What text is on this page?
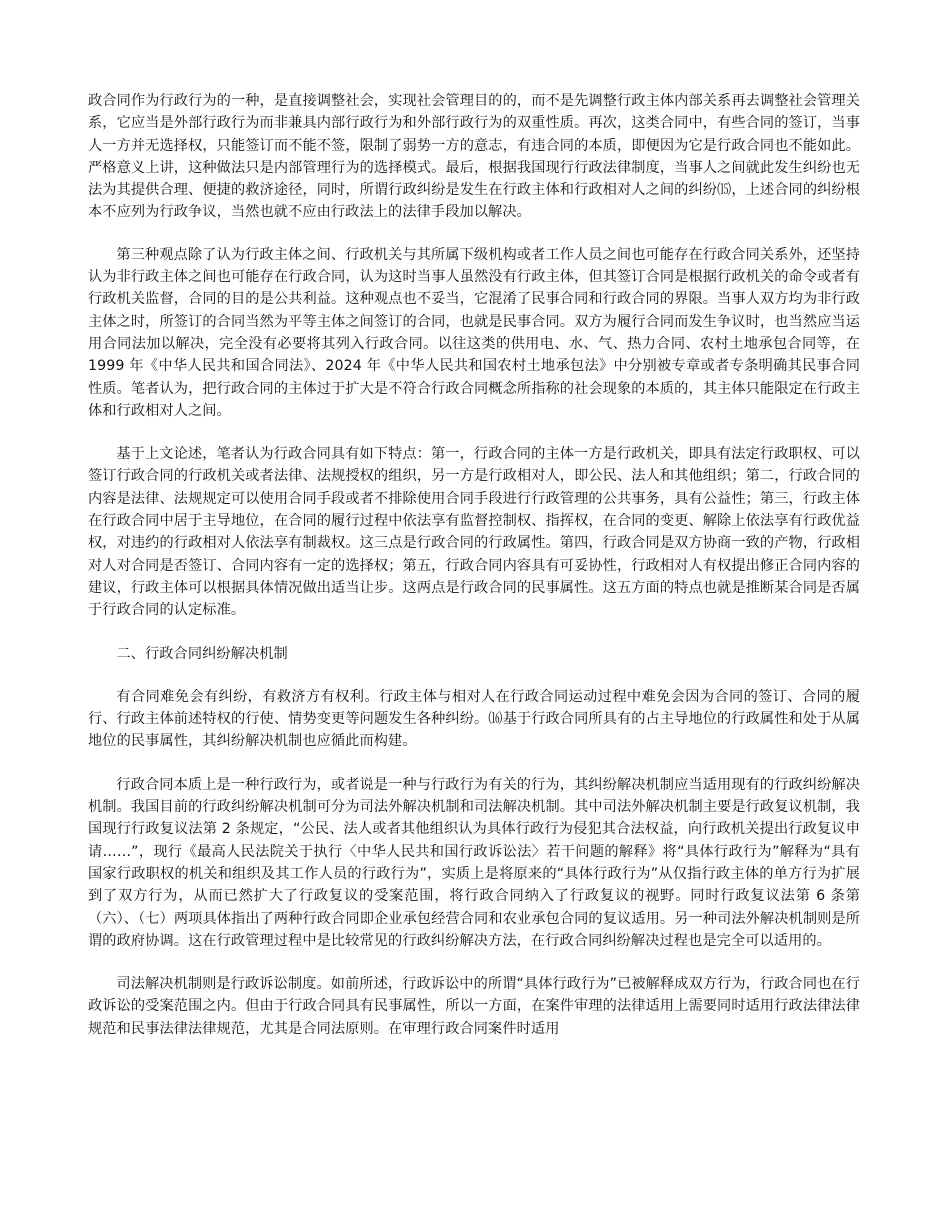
政合同作为行政行为的一种，是直接调整社会，实现社会管理目的的，而不是先调整行政主体内部关系再去调整社会管理关系，它应当是外部行政行为而非兼具内部行政行为和外部行政行为的双重性质。再次，这类合同中，有些合同的签订，当事人一方并无选择权，只能签订而不能不签，限制了弱势一方的意志，有违合同的本质，即便因为它是行政合同也不能如此。严格意义上讲，这种做法只是内部管理行为的选择模式。最后，根据我国现行行政法律制度，当事人之间就此发生纠纷也无法为其提供合理、便捷的救济途径，同时，所谓行政纠纷是发生在行政主体和行政相对人之间的纠纷⒂，上述合同的纠纷根本不应列为行政争议，当然也就不应由行政法上的法律手段加以解决。

第三种观点除了认为行政主体之间、行政机关与其所属下级机构或者工作人员之间也可能存在行政合同关系外，还坚持认为非行政主体之间也可能存在行政合同，认为这时当事人虽然没有行政主体，但其签订合同是根据行政机关的命令或者有行政机关监督，合同的目的是公共利益。这种观点也不妥当，它混淆了民事合同和行政合同的界限。当事人双方均为非行政主体之时，所签订的合同当然为平等主体之间签订的合同，也就是民事合同。双方为履行合同而发生争议时，也当然应当运用合同法加以解决，完全没有必要将其列入行政合同。以往这类的供用电、水、气、热力合同、农村土地承包合同等，在 1999 年《中华人民共和国合同法》、2024 年《中华人民共和国农村土地承包法》中分别被专章或者专条明确其民事合同性质。笔者认为，把行政合同的主体过于扩大是不符合行政合同概念所指称的社会现象的本质的，其主体只能限定在行政主体和行政相对人之间。

基于上文论述，笔者认为行政合同具有如下特点：第一，行政合同的主体一方是行政机关，即具有法定行政职权、可以签订行政合同的行政机关或者法律、法规授权的组织，另一方是行政相对人，即公民、法人和其他组织；第二，行政合同的内容是法律、法规规定可以使用合同手段或者不排除使用合同手段进行行政管理的公共事务，具有公益性；第三，行政主体在行政合同中居于主导地位，在合同的履行过程中依法享有监督控制权、指挥权，在合同的变更、解除上依法享有行政优益权，对违约的行政相对人依法享有制裁权。这三点是行政合同的行政属性。第四，行政合同是双方协商一致的产物，行政相对人对合同是否签订、合同内容有一定的选择权；第五，行政合同内容具有可妥协性，行政相对人有权提出修正合同内容的建议，行政主体可以根据具体情况做出适当让步。这两点是行政合同的民事属性。这五方面的特点也就是推断某合同是否属于行政合同的认定标准。

二、行政合同纠纷解决机制

有合同难免会有纠纷，有救济方有权利。行政主体与相对人在行政合同运动过程中难免会因为合同的签订、合同的履行、行政主体前述特权的行使、情势变更等问题发生各种纠纷。⒃基于行政合同所具有的占主导地位的行政属性和处于从属地位的民事属性，其纠纷解决机制也应循此而构建。

行政合同本质上是一种行政行为，或者说是一种与行政行为有关的行为，其纠纷解决机制应当适用现有的行政纠纷解决机制。我国目前的行政纠纷解决机制可分为司法外解决机制和司法解决机制。其中司法外解决机制主要是行政复议机制，我国现行行政复议法第 2 条规定，“公民、法人或者其他组织认为具体行政行为侵犯其合法权益，向行政机关提出行政复议申请……”，现行《最高人民法院关于执行〈中华人民共和国行政诉讼法〉若干问题的解释》将“具体行政行为”解释为“具有国家行政职权的机关和组织及其工作人员的行政行为”，实质上是将原来的“具体行政行为”从仅指行政主体的单方行为扩展到了双方行为，从而已然扩大了行政复议的受案范围，将行政合同纳入了行政复议的视野。同时行政复议法第 6 条第（六）、（七）两项具体指出了两种行政合同即企业承包经营合同和农业承包合同的复议适用。另一种司法外解决机制则是所谓的政府协调。这在行政管理过程中是比较常见的行政纠纷解决方法，在行政合同纠纷解决过程也是完全可以适用的。

司法解决机制则是行政诉讼制度。如前所述，行政诉讼中的所谓“具体行政行为”已被解释成双方行为，行政合同也在行政诉讼的受案范围之内。但由于行政合同具有民事属性，所以一方面，在案件审理的法律适用上需要同时适用行政法律法律规范和民事法律法律规范，尤其是合同法原则。在审理行政合同案件时适用
